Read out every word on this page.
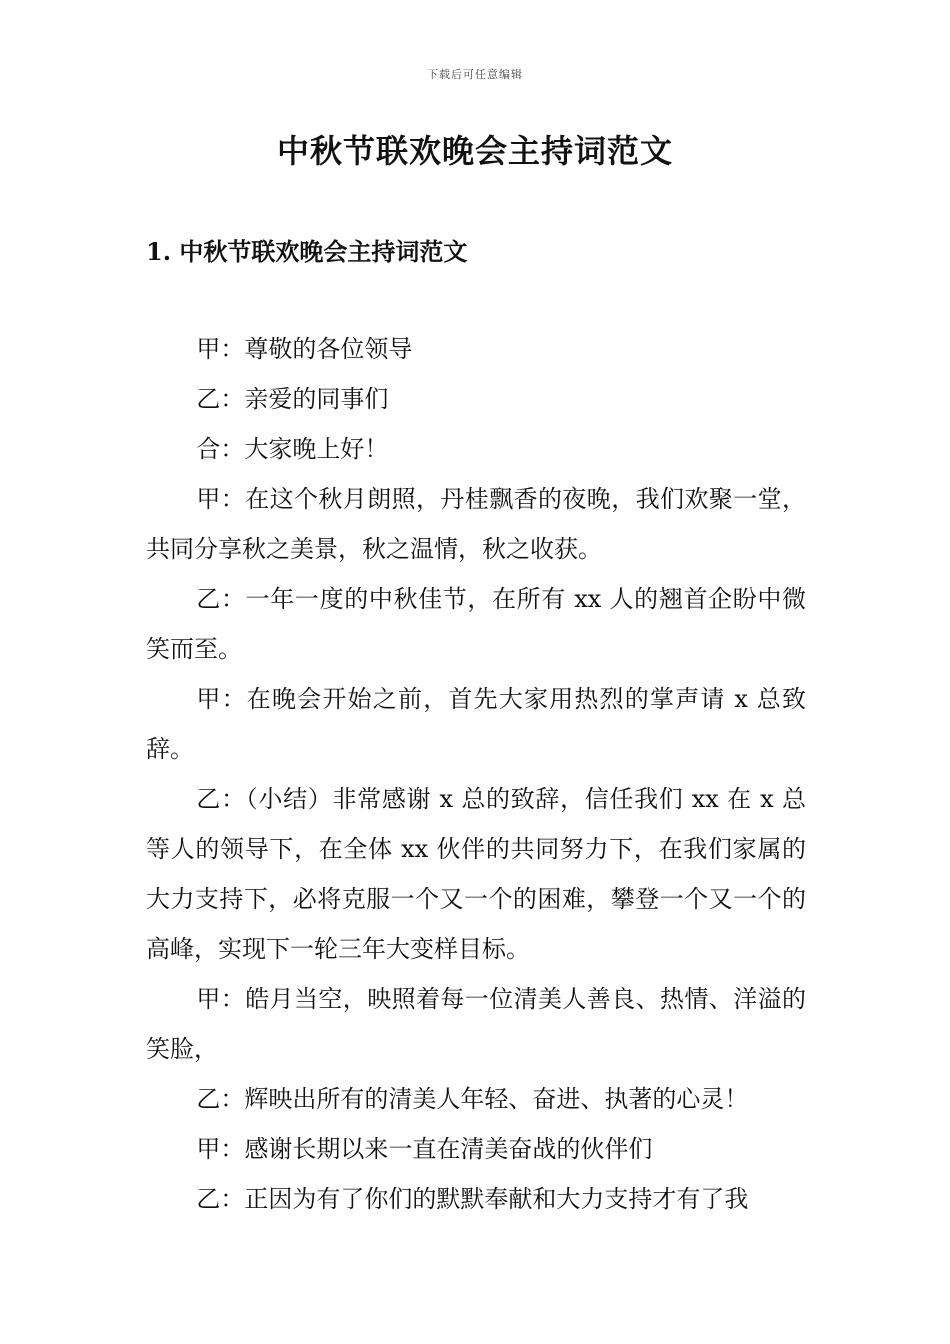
下载后可任意编辑
中秋节联欢晚会主持词范文
1. 中秋节联欢晚会主持词范文

甲：尊敬的各位领导

乙：亲爱的同事们

合：大家晚上好！

甲：在这个秋月朗照，丹桂飘香的夜晚，我们欢聚一堂，共同分享秋之美景，秋之温情，秋之收获。

乙：一年一度的中秋佳节，在所有 xx 人的翘首企盼中微笑而至。

甲：在晚会开始之前，首先大家用热烈的掌声请 x 总致辞。

乙：（小结）非常感谢 x 总的致辞，信任我们 xx 在 x 总等人的领导下，在全体 xx 伙伴的共同努力下，在我们家属的大力支持下，必将克服一个又一个的困难，攀登一个又一个的高峰，实现下一轮三年大变样目标。

甲：皓月当空，映照着每一位清美人善良、热情、洋溢的笑脸，

乙：辉映出所有的清美人年轻、奋进、执著的心灵！

甲：感谢长期以来一直在清美奋战的伙伴们

乙：正因为有了你们的默默奉献和大力支持才有了我
